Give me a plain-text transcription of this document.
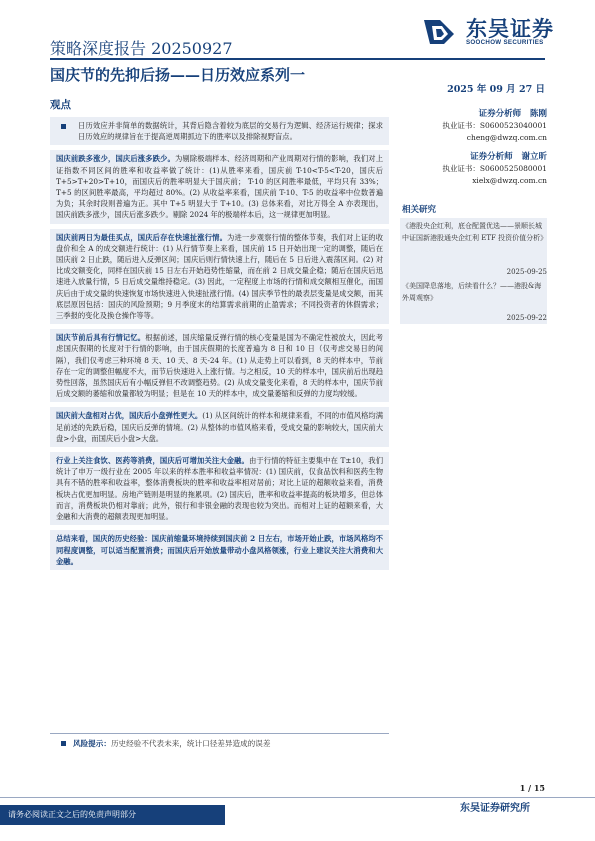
东吴证券
SOOCHOW SECURITIES
策略深度报告 20250927
国庆节的先抑后扬——日历效应系列一
2025 年 09 月 27 日
观点
日历效应并非简单的数据统计，其背后隐含着较为底层的交易行为逻辑、经济运行规律；探求日历效应的规律旨在于提高逆周期抓边下的胜率以及排除视野盲点。
国庆前跌多涨少，国庆后涨多跌少。为剔除极端样本、经济周期和产业周期对行情的影响，我们对上证指数不同区间的胜率和收益率做了统计：(1)从胜率来看，国庆前 T-10<T-5<T-20，国庆后 T+5>T+20>T+10，而国庆后的胜率明显大于国庆前； T-10 的区间胜率最低，平均只有 33%；T+5 的区间胜率最高，平均超过 80%。(2) 从收益率来看，国庆前 T-10、T-5 的收益率中位数普遍为负；其余时段则普遍为正。其中 T+5 明显大于 T+10。(3) 总体来看，对比万得全 A 亦表现出，国庆前跌多涨少，国庆后涨多跌少。剔除 2024 年的极端样本后，这一规律更加明显。
国庆前两日为最佳买点，国庆后存在快速扯涨行情。为进一步观察行情的整体节奏，我们对上证的收盘价和全 A 的成交额进行统计：(1) 从行情节奏上来看，国庆前 15 日开始出现一定的调整，随后在国庆前 2 日止跌，随后进入反弹区间；国庆后则行情快速上行，随后在 5 日后进入震荡区间。(2) 对比成交额变化，同样在国庆前 15 日左右开始趋势性缩量，而在前 2 日成交量企稳；随后在国庆后迅速进入放量行情，5 日后成交量维持稳定。(3) 因此，一定程度上市场的行情和成交额相互催化，而国庆后由于成交量的快速恢复市场快速进入快速扯涨行情。(4) 国庆季节性的最表层变量是成交额，而其底层原因包括：国庆的风险预期；9 月季度末的结算需求前期的止盈需求；不同投资者的休假需求；三季报的变化及换仓操作等等。
国庆节前后具有行情记忆。根据前述，国庆缩量反弹行情的核心变量是国为不确定性被放大，因此考虑国庆假期的长度对于行情的影响，由于国庆假期的长度普遍为 8 日和 10 日（仅考虑交易日的间隔），我们仅考虑三种环境 8 天、10 天、8 天-24 年。(1) 从走势上可以看到，8 天的样本中，节前存在一定的调整但幅度不大，而节后快速进入上涨行情。与之相反，10 天的样本中，国庆前后出现趋势性回落，虽然国庆后有小幅反弹但不改调整趋势。(2) 从成交量变化来看，8 天的样本中，国庆节前后成交额的萎缩和放量都较为明显；但是在 10 天的样本中，成交量萎缩和反弹的力度均较缓。
国庆前大盘相对占优，国庆后小盘弹性更大。(1) 从区间统计的样本和规律来看，不同的市值风格均满足前述的先跌后稳，国庆后反弹的情境。(2) 从整体的市值风格来看，受成交量的影响较大，国庆前大盘>小盘，而国庆后小盘>大盘。
行业上关注食饮、医药等消费，国庆后可增加关注大金融。由于行情的特征主要集中在 T±10，我们统计了申万一级行业在 2005 年以来的样本胜率和收益率情况：(1) 国庆前，仅食品饮料和医药生物具有不错的胜率和收益率，整体消费板块的胜率和收益率相对居前；对比上证的超额收益来看，消费板块占优更加明显。房地产链则是明显的拖累项。(2) 国庆后，胜率和收益率提高的板块增多，但总体而言，消费板块仍相对靠前；此外，银行和非银金融的表现也较为突出。而相对上证的超额来看，大金融和大消费的超额表现更加明显。
总结来看，国庆的历史经验：国庆前缩量环境持续到国庆前 2 日左右，市场开始止跌，市场风格均不同程度调整，可以适当配置消费；而国庆后开始放量带动小盘风格领涨，行业上建议关注大消费和大金融。
风险提示：历史经验不代表未来，统计口径差异造成的误差
证券分析师 陈刚
执业证书：S0600523040001
cheng@dwzq.com.cn
证券分析师 谢立昕
执业证书：S0600525080001
xielx@dwzq.com.cn
相关研究
《港股央企红利，底仓配置优选——景顺长城中证国新港股通央企红利 ETF 投资价值分析》
2025-09-25
《美国降息落地，后续看什么？——港股&海外周观察》
2025-09-22
1 / 15
请务必阅读正文之后的免责声明部分
东吴证券研究所
